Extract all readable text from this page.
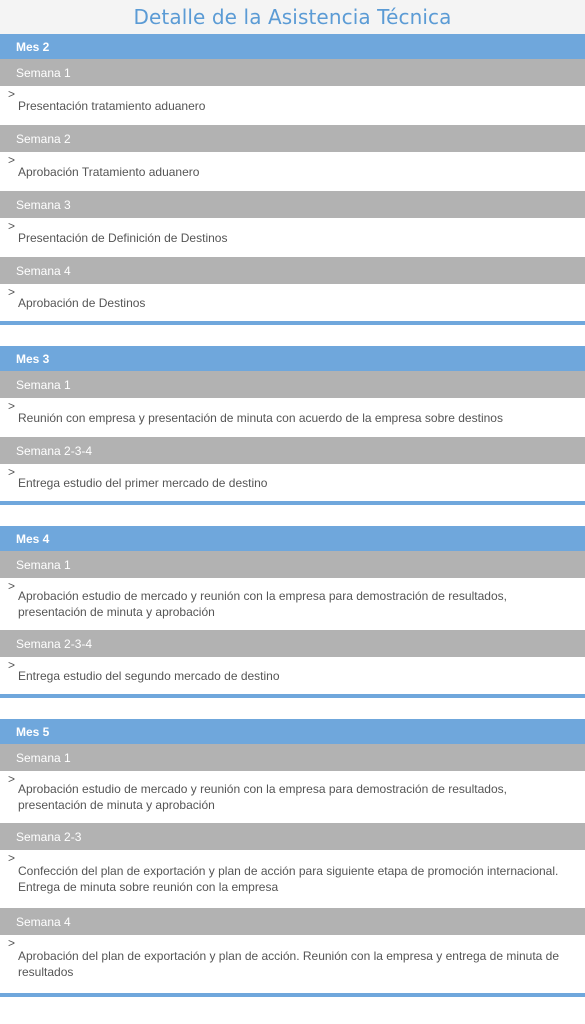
Detalle de la Asistencia Técnica
Mes 2
Semana 1
>
Presentación tratamiento aduanero
Semana 2
>
Aprobación Tratamiento aduanero
Semana 3
>
Presentación de Definición de Destinos
Semana 4
>
Aprobación de Destinos
Mes 3
Semana 1
>
Reunión con empresa y presentación de minuta con acuerdo de la empresa sobre destinos
Semana 2-3-4
>
Entrega estudio del primer mercado de destino
Mes 4
Semana 1
>
Aprobación estudio de mercado y reunión con la empresa para demostración de resultados, presentación de minuta y aprobación
Semana 2-3-4
>
Entrega estudio del segundo mercado de destino
Mes 5
Semana 1
>
Aprobación estudio de mercado y reunión con la empresa para demostración de resultados, presentación de minuta y aprobación
Semana 2-3
>
Confección del plan de exportación y plan de acción para siguiente etapa de promoción internacional. Entrega de minuta sobre reunión con la empresa
Semana 4
>
Aprobación del plan de exportación y plan de acción. Reunión con la empresa y entrega de minuta de resultados
